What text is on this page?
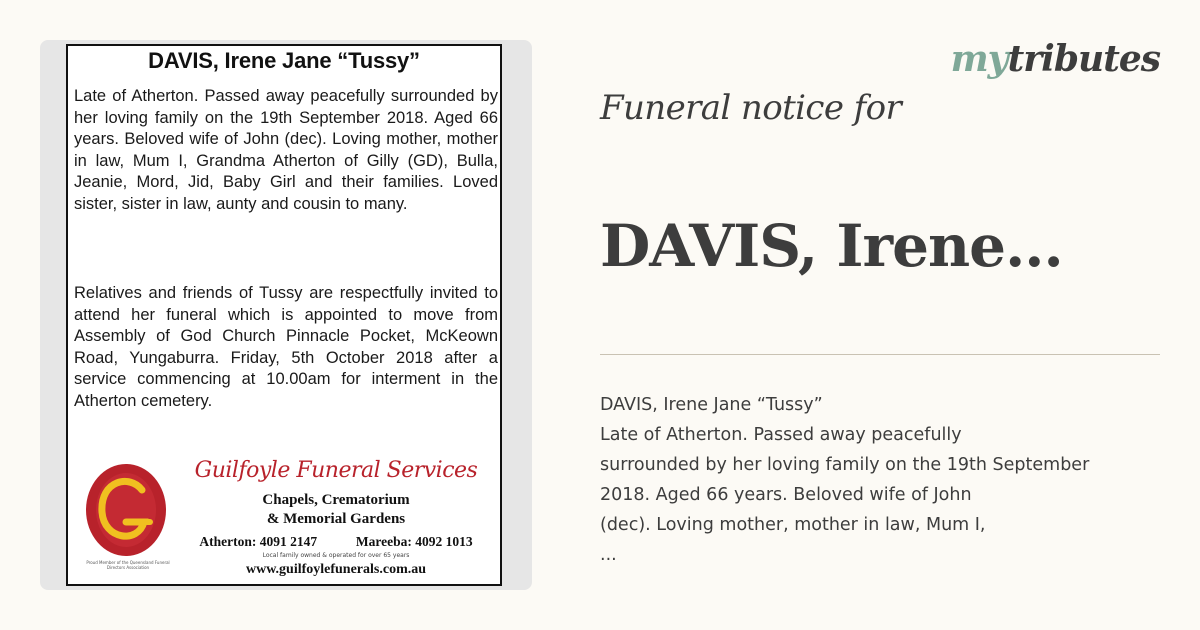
DAVIS, Irene Jane “Tussy”

Late of Atherton. Passed away peacefully surrounded by her loving family on the 19th September 2018. Aged 66 years. Beloved wife of John (dec). Loving mother, mother in law, Mum I, Grandma Atherton of Gilly (GD), Bulla, Jeanie, Mord, Jid, Baby Girl and their families. Loved sister, sister in law, aunty and cousin to many.

Relatives and friends of Tussy are respectfully invited to attend her funeral which is appointed to move from Assembly of God Church Pinnacle Pocket, McKeown Road, Yungaburra. Friday, 5th October 2018 after a service commencing at 10.00am for interment in the Atherton cemetery.

Proud Member of the Queensland Funeral Directors Association
Guilfoyle Funeral Services
Chapels, Crematorium
& Memorial Gardens
Atherton: 4091 2147	Mareeba: 4092 1013
Local family owned & operated for over 65 years
www.guilfoylefunerals.com.au
mytributes
Funeral notice for
DAVIS, Irene...
DAVIS, Irene Jane “Tussy”
Late of Atherton. Passed away peacefully
surrounded by her loving family on the 19th September
2018. Aged 66 years. Beloved wife of John
(dec). Loving mother, mother in law, Mum I,
...
